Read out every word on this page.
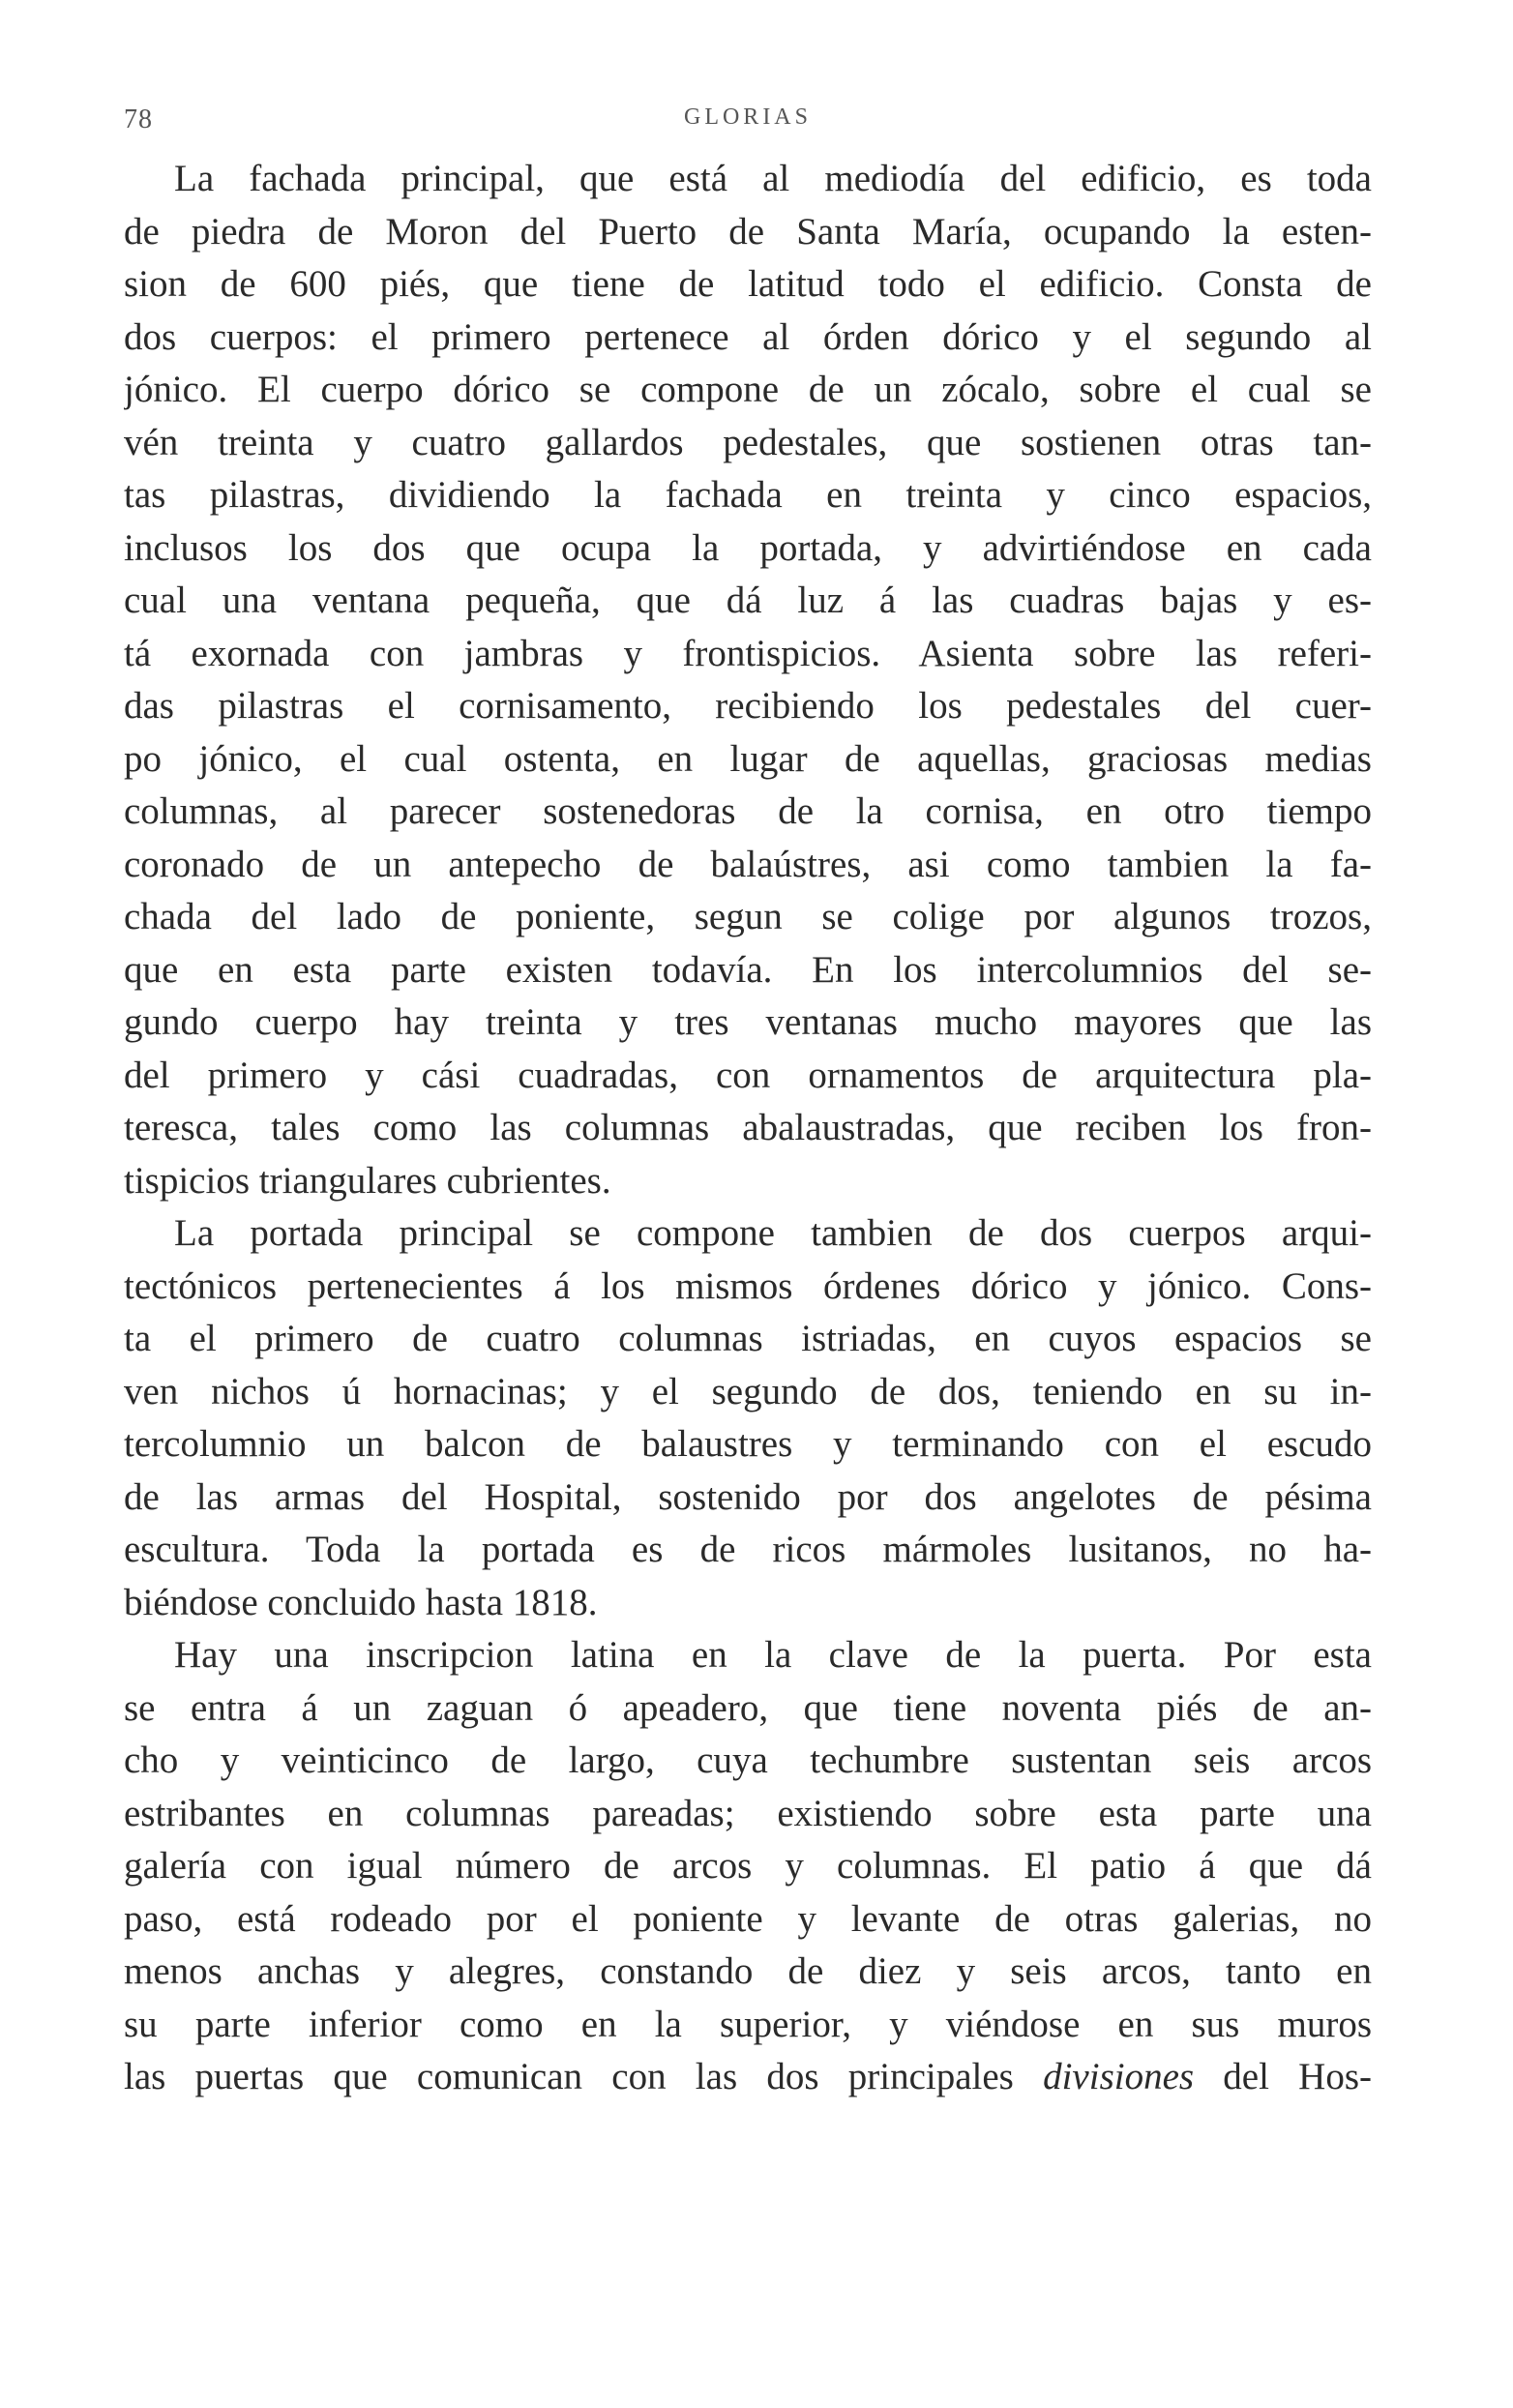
78	GLORIAS
La fachada principal, que está al mediodía del edificio, es toda
de piedra de Moron del Puerto de Santa María, ocupando la esten-
sion de 600 piés, que tiene de latitud todo el edificio. Consta de
dos cuerpos: el primero pertenece al órden dórico y el segundo al
jónico. El cuerpo dórico se compone de un zócalo, sobre el cual se
vén treinta y cuatro gallardos pedestales, que sostienen otras tan-
tas pilastras, dividiendo la fachada en treinta y cinco espacios,
inclusos los dos que ocupa la portada, y advirtiéndose en cada
cual una ventana pequeña, que dá luz á las cuadras bajas y es-
tá exornada con jambras y frontispicios. Asienta sobre las referi-
das pilastras el cornisamento, recibiendo los pedestales del cuer-
po jónico, el cual ostenta, en lugar de aquellas, graciosas medias
columnas, al parecer sostenedoras de la cornisa, en otro tiempo
coronado de un antepecho de balaústres, asi como tambien la fa-
chada del lado de poniente, segun se colige por algunos trozos,
que en esta parte existen todavía. En los intercolumnios del se-
gundo cuerpo hay treinta y tres ventanas mucho mayores que las
del primero y cási cuadradas, con ornamentos de arquitectura pla-
teresca, tales como las columnas abalaustradas, que reciben los fron-
tispicios triangulares cubrientes.
La portada principal se compone tambien de dos cuerpos arqui-
tectónicos pertenecientes á los mismos órdenes dórico y jónico. Cons-
ta el primero de cuatro columnas istriadas, en cuyos espacios se
ven nichos ú hornacinas; y el segundo de dos, teniendo en su in-
tercolumnio un balcon de balaustres y terminando con el escudo
de las armas del Hospital, sostenido por dos angelotes de pésima
escultura. Toda la portada es de ricos mármoles lusitanos, no ha-
biéndose concluido hasta 1818.
Hay una inscripcion latina en la clave de la puerta. Por esta
se entra á un zaguan ó apeadero, que tiene noventa piés de an-
cho y veinticinco de largo, cuya techumbre sustentan seis arcos
estribantes en columnas pareadas; existiendo sobre esta parte una
galería con igual número de arcos y columnas. El patio á que dá
paso, está rodeado por el poniente y levante de otras galerias, no
menos anchas y alegres, constando de diez y seis arcos, tanto en
su parte inferior como en la superior, y viéndose en sus muros
las puertas que comunican con las dos principales divisiones del Hos-
